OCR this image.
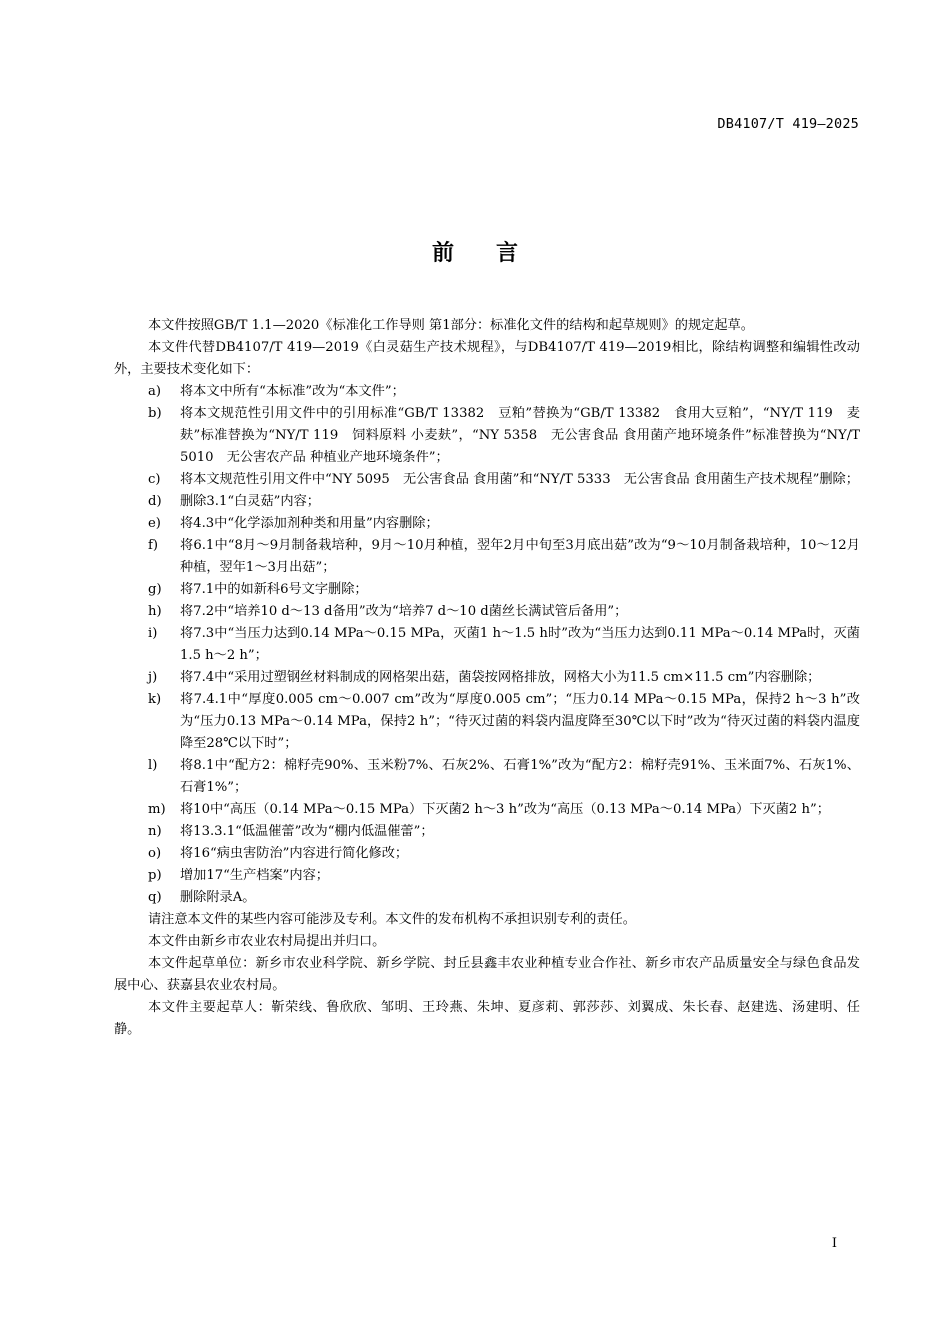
DB4107/T 419—2025
前言

本文件按照GB/T 1.1—2020《标准化工作导则 第1部分：标准化文件的结构和起草规则》的规定起草。

本文件代替DB4107/T 419—2019《白灵菇生产技术规程》，与DB4107/T 419—2019相比，除结构调整和编辑性改动外，主要技术变化如下：

a) 将本文中所有“本标准”改为“本文件”；
b) 将本文规范性引用文件中的引用标准“GB/T 13382　豆粕”替换为“GB/T 13382　食用大豆粕”，“NY/T 119　麦麸”标准替换为“NY/T 119　饲料原料 小麦麸”，“NY 5358　无公害食品 食用菌产地环境条件”标准替换为“NY/T 5010　无公害农产品 种植业产地环境条件”；
c) 将本文规范性引用文件中“NY 5095　无公害食品 食用菌”和“NY/T 5333　无公害食品 食用菌生产技术规程”删除；
d) 删除3.1“白灵菇”内容；
e) 将4.3中“化学添加剂种类和用量”内容删除；
f) 将6.1中“8月～9月制备栽培种，9月～10月种植，翌年2月中旬至3月底出菇”改为“9～10月制备栽培种，10～12月种植，翌年1～3月出菇”；
g) 将7.1中的如新科6号文字删除；
h) 将7.2中“培养10 d～13 d备用”改为“培养7 d～10 d菌丝长满试管后备用”；
i) 将7.3中“当压力达到0.14 MPa～0.15 MPa，灭菌1 h～1.5 h时”改为“当压力达到0.11 MPa～0.14 MPa时，灭菌1.5 h～2 h”；
j) 将7.4中“采用过塑钢丝材料制成的网格架出菇，菌袋按网格排放，网格大小为11.5 cm×11.5 cm”内容删除；
k) 将7.4.1中“厚度0.005 cm～0.007 cm”改为“厚度0.005 cm”；“压力0.14 MPa～0.15 MPa，保持2 h～3 h”改为“压力0.13 MPa～0.14 MPa，保持2 h”；“待灭过菌的料袋内温度降至30℃以下时”改为“待灭过菌的料袋内温度降至28℃以下时”；
l) 将8.1中“配方2：棉籽壳90%、玉米粉7%、石灰2%、石膏1%”改为“配方2：棉籽壳91%、玉米面7%、石灰1%、石膏1%”；
m) 将10中“高压（0.14 MPa～0.15 MPa）下灭菌2 h～3 h”改为“高压（0.13 MPa～0.14 MPa）下灭菌2 h”；
n) 将13.3.1“低温催蕾”改为“棚内低温催蕾”；
o) 将16“病虫害防治”内容进行简化修改；
p) 增加17“生产档案”内容；
q) 删除附录A。

请注意本文件的某些内容可能涉及专利。本文件的发布机构不承担识别专利的责任。

本文件由新乡市农业农村局提出并归口。

本文件起草单位：新乡市农业科学院、新乡学院、封丘县鑫丰农业种植专业合作社、新乡市农产品质量安全与绿色食品发展中心、获嘉县农业农村局。

本文件主要起草人：靳荣线、鲁欣欣、邹明、王玲燕、朱坤、夏彦莉、郭莎莎、刘翼成、朱长春、赵建选、汤建明、任静。

I
